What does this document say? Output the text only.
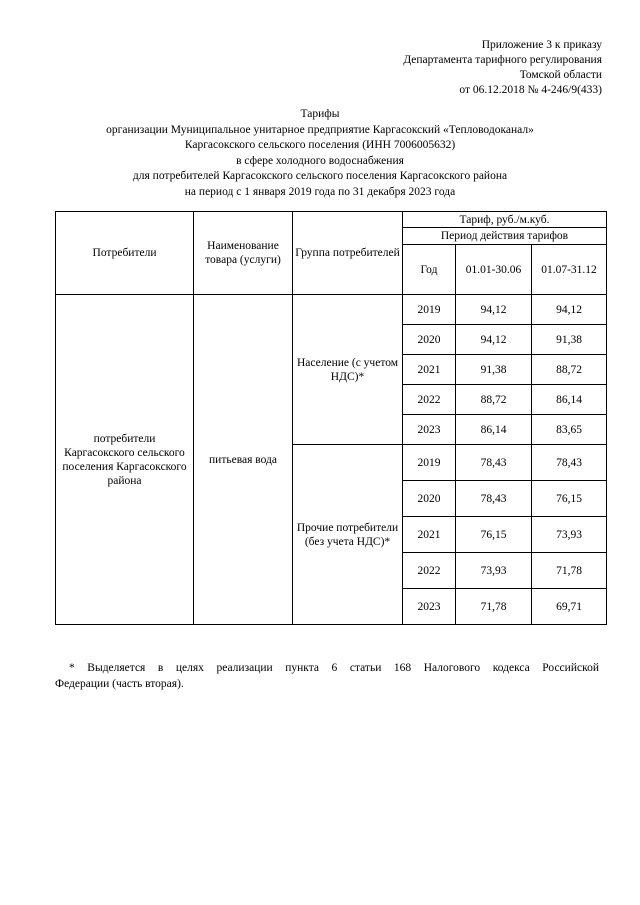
Приложение 3 к приказу
Департамента тарифного регулирования
Томской области
от 06.12.2018 № 4-246/9(433)
Тарифы
организации Муниципальное унитарное предприятие Каргасокский «Тепловодоканал»
Каргасокского сельского поселения (ИНН 7006005632)
в сфере холодного водоснабжения
для потребителей Каргасокского сельского поселения Каргасокского района
на период с 1 января 2019 года по 31 декабря 2023 года
Потребители	Наименование товара (услуги)	Группа потребителей	Тариф, руб./м.куб.		
			Период действия тарифов		
			Год	01.01-30.06	01.07-31.12
потребители Каргасокского сельского поселения Каргасокского района	питьевая вода	Население (с учетом НДС)*	2019	94,12	94,12
			2020	94,12	91,38
			2021	91,38	88,72
			2022	88,72	86,14
			2023	86,14	83,65
		Прочие потребители (без учета НДС)*	2019	78,43	78,43
			2020	78,43	76,15
			2021	76,15	73,93
			2022	73,93	71,78
			2023	71,78	69,71
* Выделяется в целях реализации пункта 6 статьи 168 Налогового кодекса Российской
Федерации (часть вторая).
